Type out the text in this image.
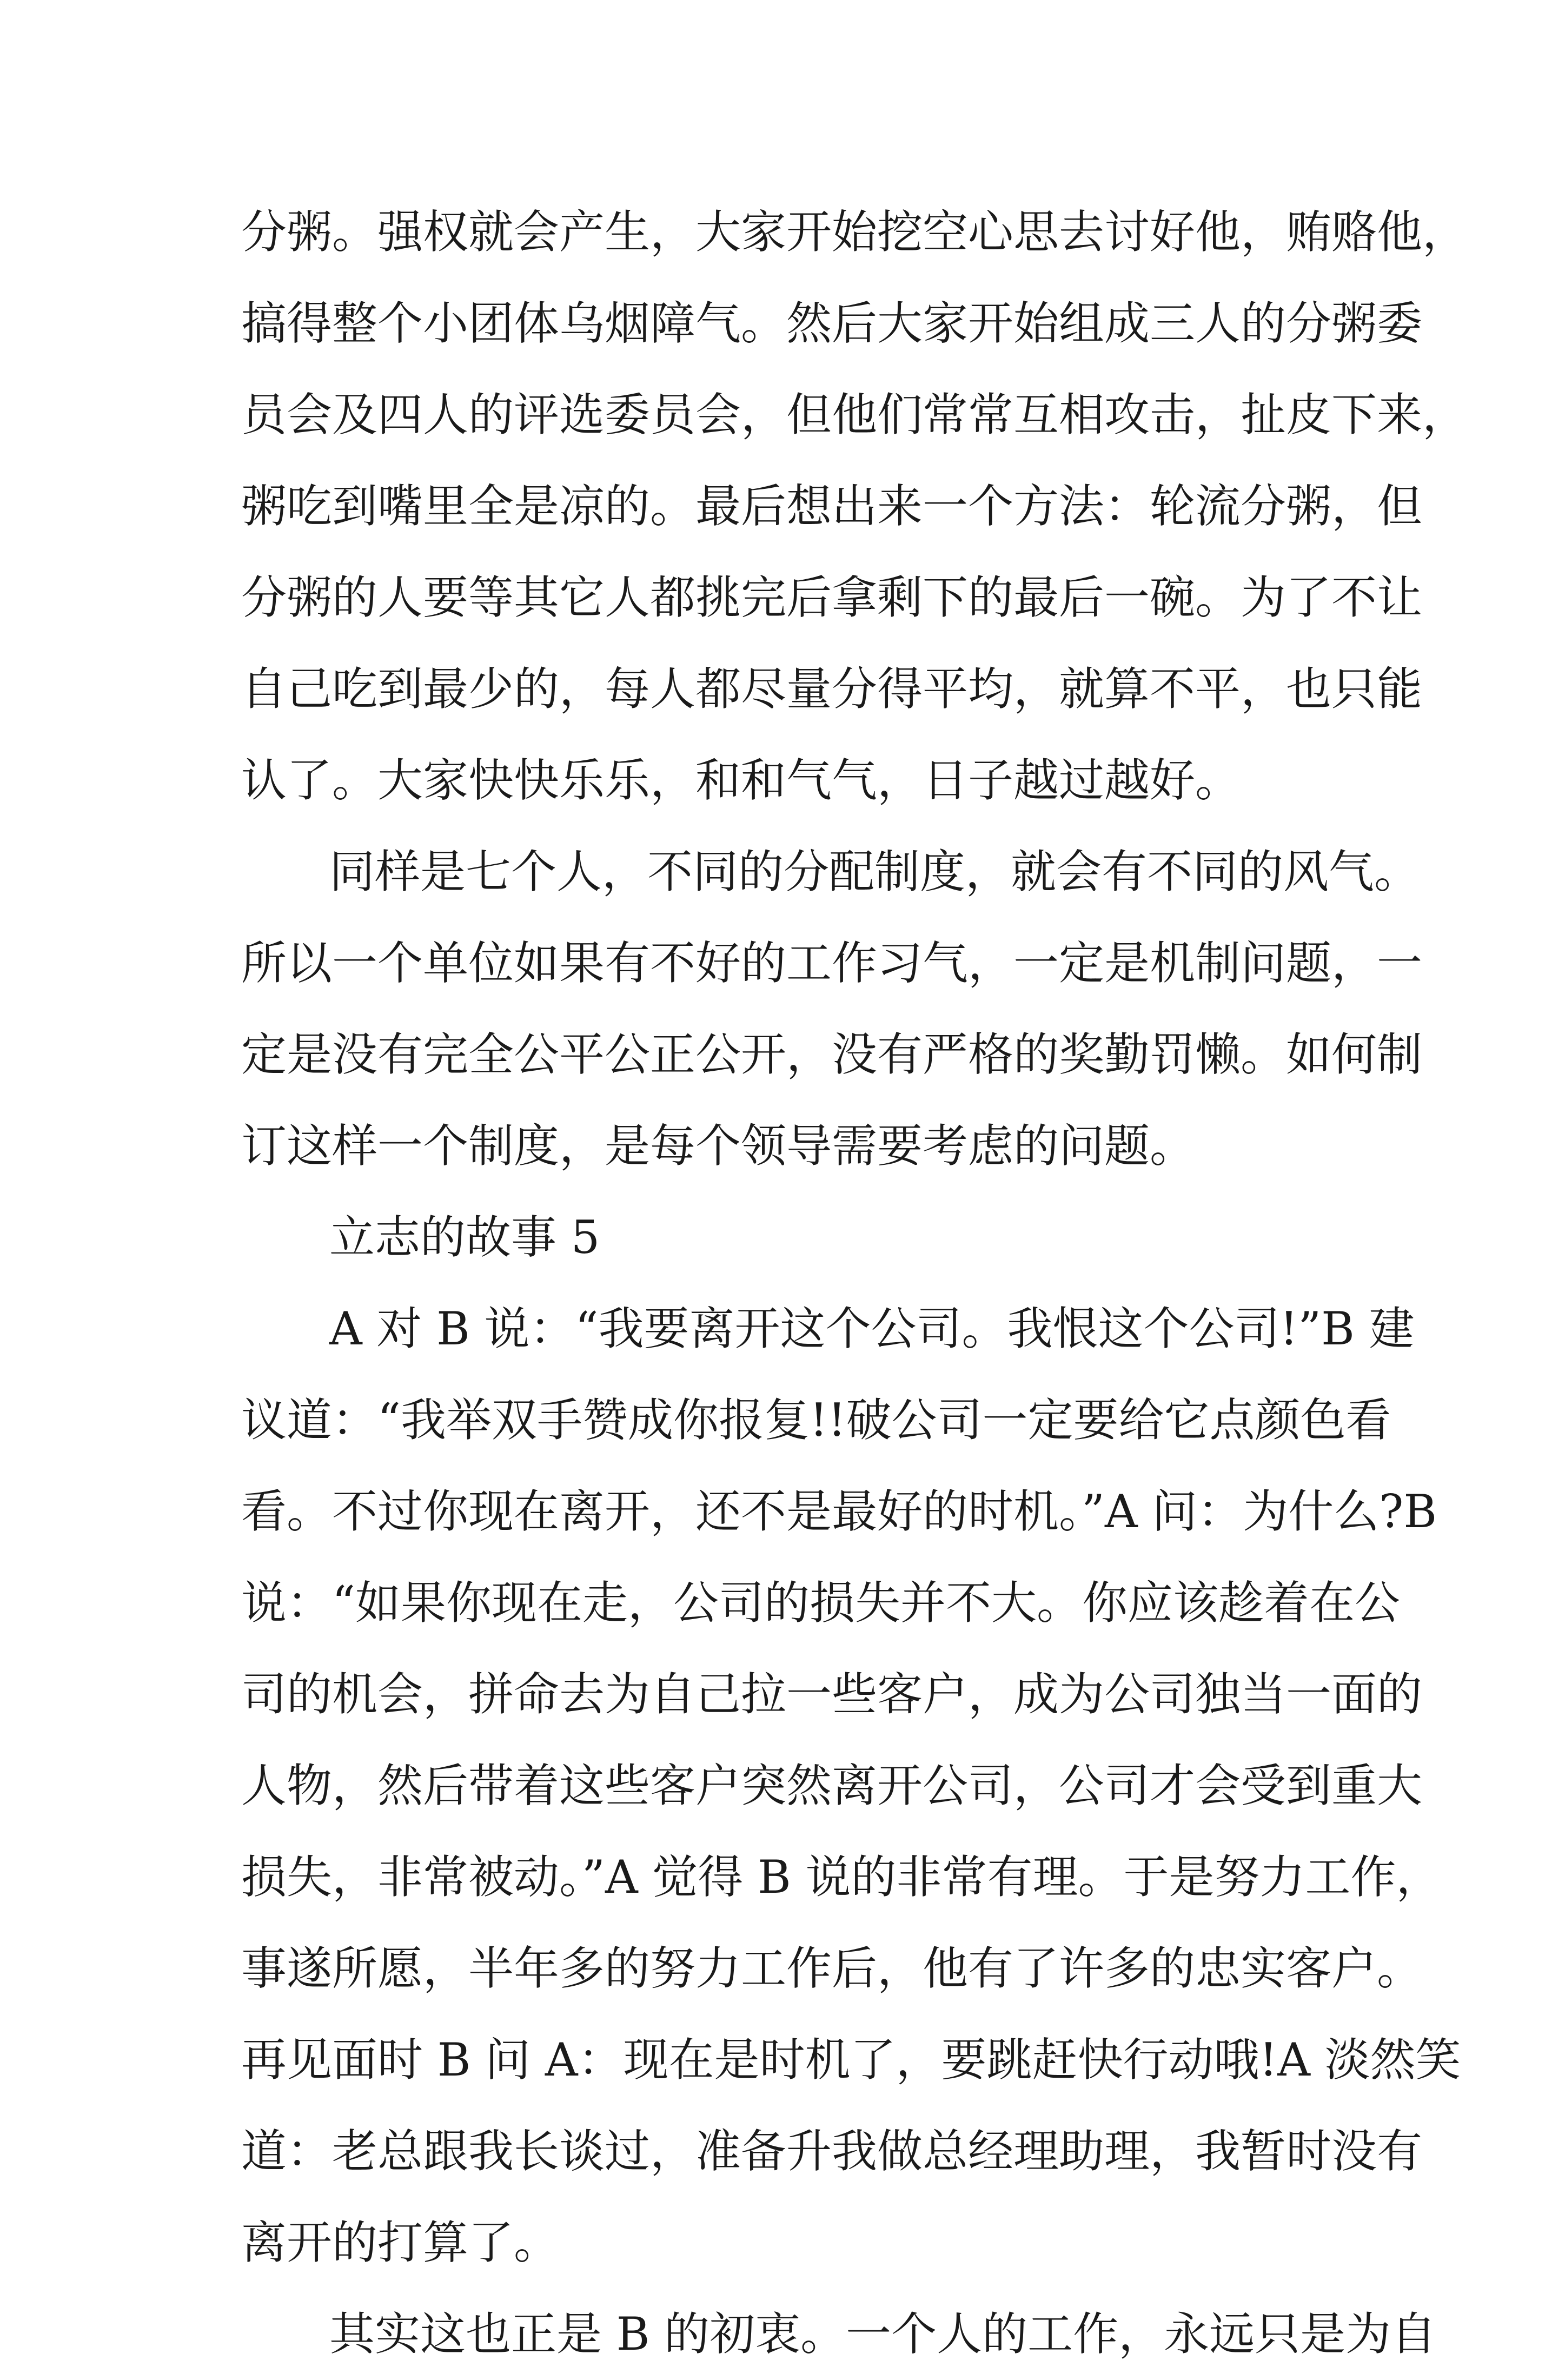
分粥。强权就会产生，大家开始挖空心思去讨好他，贿赂他，
搞得整个小团体乌烟障气。然后大家开始组成三人的分粥委
员会及四人的评选委员会，但他们常常互相攻击，扯皮下来，
粥吃到嘴里全是凉的。最后想出来一个方法：轮流分粥，但
分粥的人要等其它人都挑完后拿剩下的最后一碗。为了不让
自己吃到最少的，每人都尽量分得平均，就算不平，也只能
认了。大家快快乐乐，和和气气，日子越过越好。
同样是七个人，不同的分配制度，就会有不同的风气。
所以一个单位如果有不好的工作习气，一定是机制问题，一
定是没有完全公平公正公开，没有严格的奖勤罚懒。如何制
订这样一个制度，是每个领导需要考虑的问题。
立志的故事 5
A 对 B 说：“我要离开这个公司。我恨这个公司!”B 建
议道：“我举双手赞成你报复!!破公司一定要给它点颜色看
看。不过你现在离开，还不是最好的时机。”A 问：为什么?B
说：“如果你现在走，公司的损失并不大。你应该趁着在公
司的机会，拼命去为自己拉一些客户，成为公司独当一面的
人物，然后带着这些客户突然离开公司，公司才会受到重大
损失，非常被动。”A 觉得 B 说的非常有理。于是努力工作，
事遂所愿，半年多的努力工作后，他有了许多的忠实客户。
再见面时 B 问 A：现在是时机了，要跳赶快行动哦!A 淡然笑
道：老总跟我长谈过，准备升我做总经理助理，我暂时没有
离开的打算了。
其实这也正是 B 的初衷。一个人的工作，永远只是为自
